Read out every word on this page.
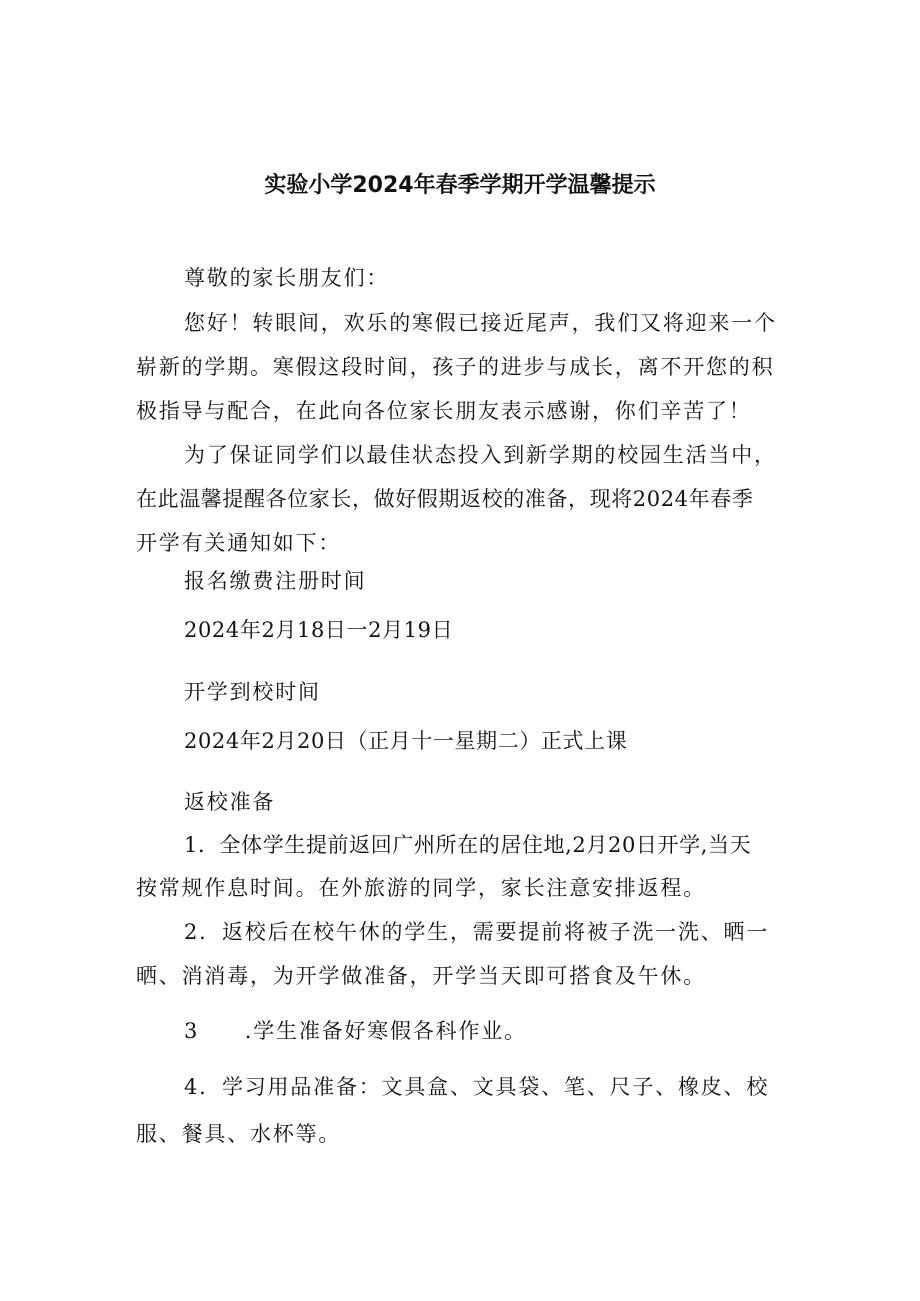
实验小学2024年春季学期开学温馨提示
尊敬的家长朋友们：
您好！转眼间，欢乐的寒假已接近尾声，我们又将迎来一个
崭新的学期。寒假这段时间，孩子的进步与成长，离不开您的积
极指导与配合，在此向各位家长朋友表示感谢，你们辛苦了！
为了保证同学们以最佳状态投入到新学期的校园生活当中，
在此温馨提醒各位家长，做好假期返校的准备，现将2024年春季
开学有关通知如下：
报名缴费注册时间
2024年2月18日一2月19日
开学到校时间
2024年2月20日（正月十一星期二）正式上课
返校准备
1．全体学生提前返回广州所在的居住地,2月20日开学,当天
按常规作息时间。在外旅游的同学，家长注意安排返程。
2．返校后在校午休的学生，需要提前将被子洗一洗、晒一
晒、消消毒，为开学做准备，开学当天即可搭食及午休。
3　　.学生准备好寒假各科作业。
4．学习用品准备：文具盒、文具袋、笔、尺子、橡皮、校
服、餐具、水杯等。
